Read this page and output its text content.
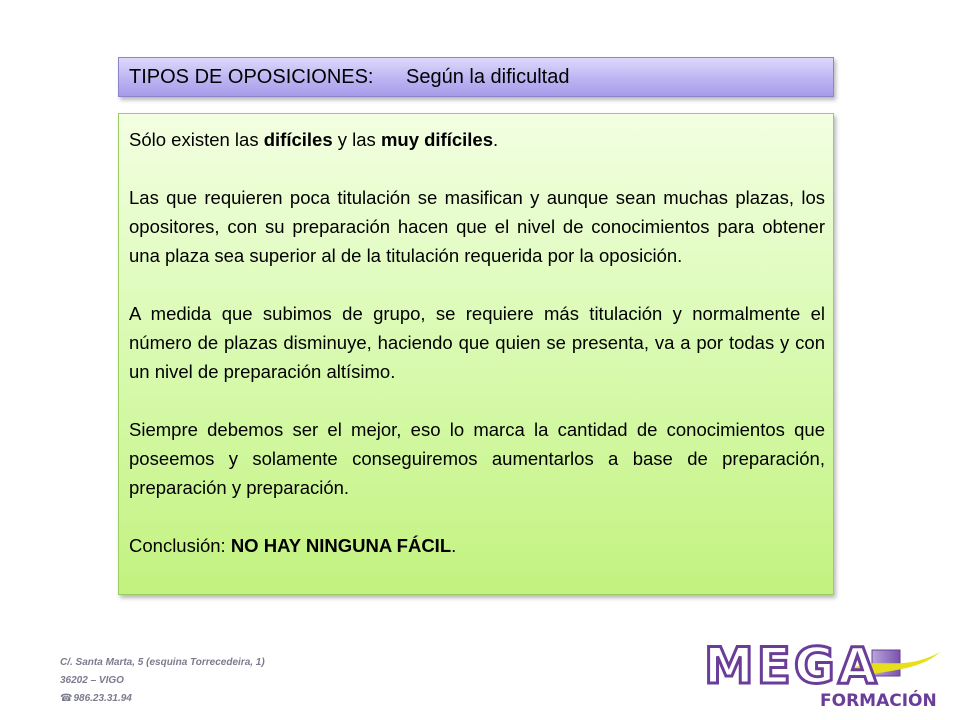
TIPOS DE OPOSICIONES:	Según la dificultad

Sólo existen las difíciles y las muy difíciles.

Las que requieren poca titulación se masifican y aunque sean muchas plazas, los opositores, con su preparación hacen que el nivel de conocimientos para obtener una plaza sea superior al de la titulación requerida por la oposición.

A medida que subimos de grupo, se requiere más titulación y normalmente el número de plazas disminuye, haciendo que quien se presenta, va a por todas y con un nivel de preparación altísimo.

Siempre debemos ser el mejor, eso lo marca la cantidad de conocimientos que poseemos y solamente conseguiremos aumentarlos a base de preparación, preparación y preparación.

Conclusión: NO HAY NINGUNA FÁCIL.

C/. Santa Marta, 5 (esquina Torrecedeira, 1)
36202 – VIGO
☎986.23.31.94
MEGA
FORMACIÓN
